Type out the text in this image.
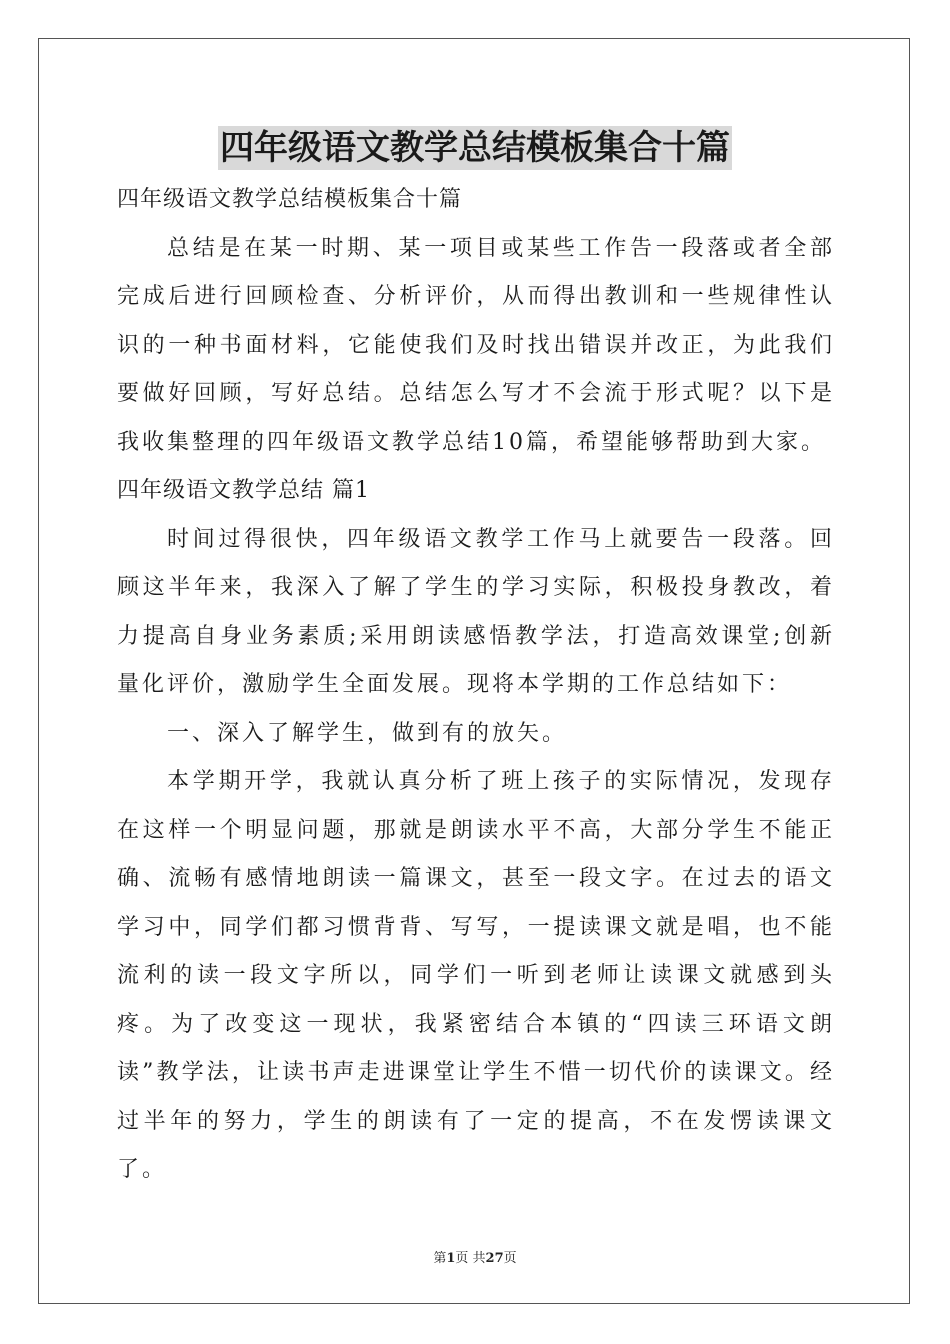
四年级语文教学总结模板集合十篇

四年级语文教学总结模板集合十篇

总结是在某一时期、某一项目或某些工作告一段落或者全部完成后进行回顾检查、分析评价，从而得出教训和一些规律性认识的一种书面材料，它能使我们及时找出错误并改正，为此我们要做好回顾，写好总结。总结怎么写才不会流于形式呢？以下是我收集整理的四年级语文教学总结10篇，希望能够帮助到大家。

四年级语文教学总结 篇1

时间过得很快，四年级语文教学工作马上就要告一段落。回顾这半年来，我深入了解了学生的学习实际，积极投身教改，着力提高自身业务素质;采用朗读感悟教学法，打造高效课堂;创新量化评价，激励学生全面发展。现将本学期的工作总结如下：

一、深入了解学生，做到有的放矢。

本学期开学，我就认真分析了班上孩子的实际情况，发现存在这样一个明显问题，那就是朗读水平不高，大部分学生不能正确、流畅有感情地朗读一篇课文，甚至一段文字。在过去的语文学习中，同学们都习惯背背、写写，一提读课文就是唱，也不能流利的读一段文字所以，同学们一听到老师让读课文就感到头疼。为了改变这一现状，我紧密结合本镇的“四读三环语文朗读”教学法，让读书声走进课堂让学生不惜一切代价的读课文。经过半年的努力，学生的朗读有了一定的提高，不在发愣读课文了。

第1页 共27页
